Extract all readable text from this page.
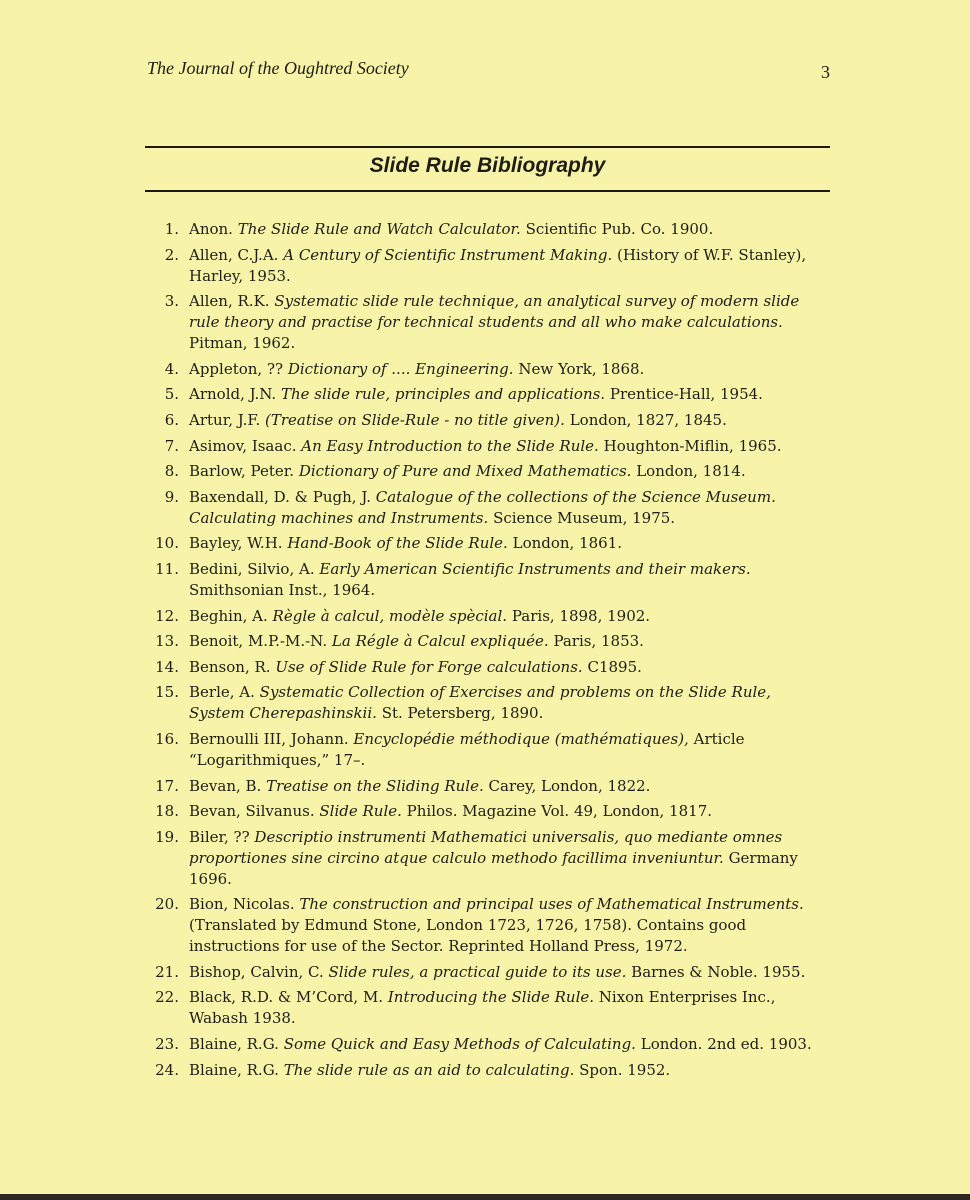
The Journal of the Oughtred Society	3
Slide Rule Bibliography
1. Anon. The Slide Rule and Watch Calculator. Scientific Pub. Co. 1900.
2. Allen, C.J.A. A Century of Scientific Instrument Making. (History of W.F. Stanley), Harley, 1953.
3. Allen, R.K. Systematic slide rule technique, an analytical survey of modern slide rule theory and practise for technical students and all who make calculations. Pitman, 1962.
4. Appleton, ?? Dictionary of .... Engineering. New York, 1868.
5. Arnold, J.N. The slide rule, principles and applications. Prentice-Hall, 1954.
6. Artur, J.F. (Treatise on Slide-Rule - no title given). London, 1827, 1845.
7. Asimov, Isaac. An Easy Introduction to the Slide Rule. Houghton-Miflin, 1965.
8. Barlow, Peter. Dictionary of Pure and Mixed Mathematics. London, 1814.
9. Baxendall, D. & Pugh, J. Catalogue of the collections of the Science Museum. Calculating machines and Instruments. Science Museum, 1975.
10. Bayley, W.H. Hand-Book of the Slide Rule. London, 1861.
11. Bedini, Silvio, A. Early American Scientific Instruments and their makers. Smithsonian Inst., 1964.
12. Beghin, A. Règle à calcul, modèle spècial. Paris, 1898, 1902.
13. Benoit, M.P.-M.-N. La Régle à Calcul expliquée. Paris, 1853.
14. Benson, R. Use of Slide Rule for Forge calculations. C1895.
15. Berle, A. Systematic Collection of Exercises and problems on the Slide Rule, System Cherepashinskii. St. Petersberg, 1890.
16. Bernoulli III, Johann. Encyclopédie méthodique (mathématiques), Article “Logarithmiques,” 17–.
17. Bevan, B. Treatise on the Sliding Rule. Carey, London, 1822.
18. Bevan, Silvanus. Slide Rule. Philos. Magazine Vol. 49, London, 1817.
19. Biler, ?? Descriptio instrumenti Mathematici universalis, quo mediante omnes proportiones sine circino atque calculo methodo facillima inveniuntur. Germany 1696.
20. Bion, Nicolas. The construction and principal uses of Mathematical Instruments. (Translated by Edmund Stone, London 1723, 1726, 1758). Contains good instructions for use of the Sector. Reprinted Holland Press, 1972.
21. Bishop, Calvin, C. Slide rules, a practical guide to its use. Barnes & Noble. 1955.
22. Black, R.D. & M’Cord, M. Introducing the Slide Rule. Nixon Enterprises Inc., Wabash 1938.
23. Blaine, R.G. Some Quick and Easy Methods of Calculating. London. 2nd ed. 1903.
24. Blaine, R.G. The slide rule as an aid to calculating. Spon. 1952.
